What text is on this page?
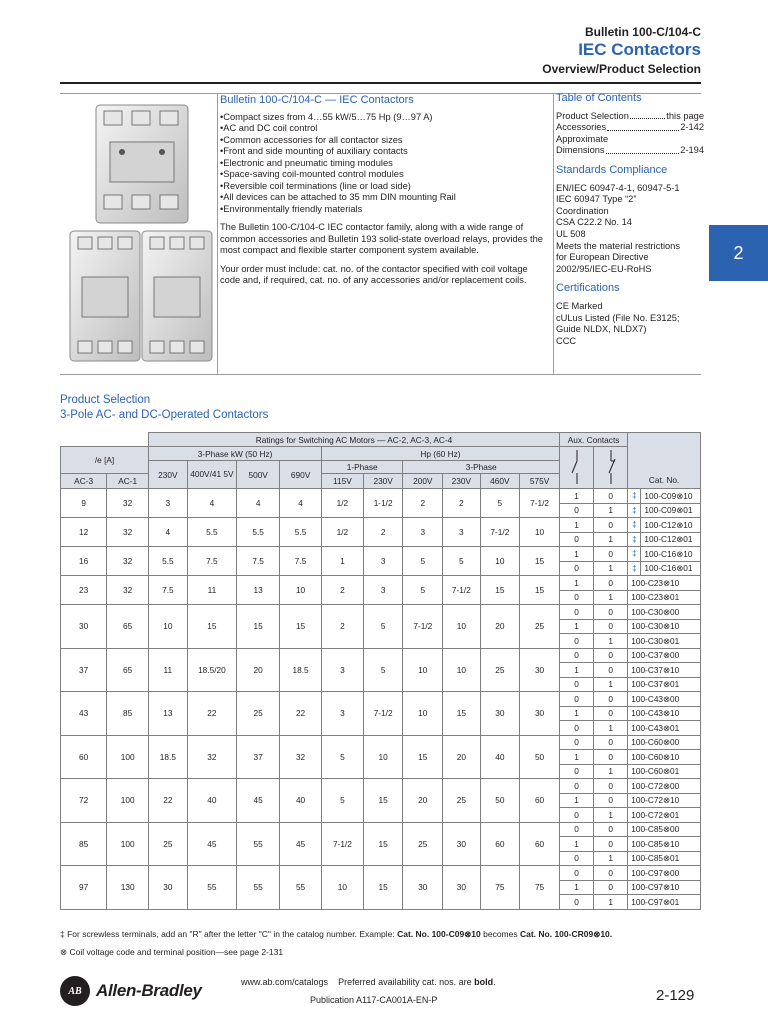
Bulletin 100-C/104-C
IEC Contactors
Overview/Product Selection
2
Bulletin 100-C/104-C — IEC Contactors
• Compact sizes from 4…55 kW/5…75 Hp (9…97 A)
• AC and DC coil control
• Common accessories for all contactor sizes
• Front and side mounting of auxiliary contacts
• Electronic and pneumatic timing modules
• Space-saving coil-mounted control modules
• Reversible coil terminations (line or load side)
• All devices can be attached to 35 mm DIN mounting Rail
• Environmentally friendly materials

The Bulletin 100-C/104-C IEC contactor family, along with a wide range of common accessories and Bulletin 193 solid-state overload relays, provides the most compact and flexible starter component system available.

Your order must include: cat. no. of the contactor specified with coil voltage code and, if required, cat. no. of any accessories and/or replacement coils.

Table of Contents
Product Selection	this page
Accessories	2-142
Approximate
Dimensions	2-194
Standards Compliance
EN/IEC 60947-4-1, 60947-5-1
IEC 60947 Type “2”
Coordination
CSA C22.2 No. 14
UL 508
Meets the material restrictions
for European Directive
2002/95/IEC-EU-RoHS
Certifications
CE Marked
cULus Listed (File No. E3125;
Guide NLDX, NLDX7)
CCC
Product Selection
3-Pole AC- and DC-Operated Contactors
		Ratings for Switching AC Motors — AC-2, AC-3, AC-4										Aux. Contacts		Cat. No.	
/e [A]		3-Phase kW (50 Hz)				Hp (60 Hz)		
		230V	400V/41 5V	500V	690V	1-Phase		3-Phase							
AC-3	AC-1					115V	230V	200V	230V	460V	575V				
9	32	3	4	4	4	1/2	1-1/2	2	2	5	7-1/2	1	0	‡	100-C09⊗10
												0	1	‡	100-C09⊗01
12	32	4	5.5	5.5	5.5	1/2	2	3	3	7-1/2	10	1	0	‡	100-C12⊗10
												0	1	‡	100-C12⊗01
16	32	5.5	7.5	7.5	7.5	1	3	5	5	10	15	1	0	‡	100-C16⊗10
												0	1	‡	100-C16⊗01
23	32	7.5	11	13	10	2	3	5	7-1/2	15	15	1	0	100-C23⊗10	
												0	1	100-C23⊗01	
30	65	10	15	15	15	2	5	7-1/2	10	20	25	0	0	100-C30⊗00	
												1	0	100-C30⊗10	
												0	1	100-C30⊗01	
37	65	11	18.5/20	20	18.5	3	5	10	10	25	30	0	0	100-C37⊗00	
												1	0	100-C37⊗10	
												0	1	100-C37⊗01	
43	85	13	22	25	22	3	7-1/2	10	15	30	30	0	0	100-C43⊗00	
												1	0	100-C43⊗10	
												0	1	100-C43⊗01	
60	100	18.5	32	37	32	5	10	15	20	40	50	0	0	100-C60⊗00	
												1	0	100-C60⊗10	
												0	1	100-C60⊗01	
72	100	22	40	45	40	5	15	20	25	50	60	0	0	100-C72⊗00	
												1	0	100-C72⊗10	
												0	1	100-C72⊗01	
85	100	25	45	55	45	7-1/2	15	25	30	60	60	0	0	100-C85⊗00	
												1	0	100-C85⊗10	
												0	1	100-C85⊗01	
97	130	30	55	55	55	10	15	30	30	75	75	0	0	100-C97⊗00	
												1	0	100-C97⊗10	
												0	1	100-C97⊗01	
‡ For screwless terminals, add an "R" after the letter "C" in the catalog number. Example: Cat. No. 100-C09⊗10 becomes Cat. No. 100-CR09⊗10.
⊗ Coil voltage code and terminal position—see page 2-131
AB Allen-Bradley	www.ab.com/catalogs Preferred availability cat. nos. are bold.
Publication A117-CA001A-EN-P	2-129
